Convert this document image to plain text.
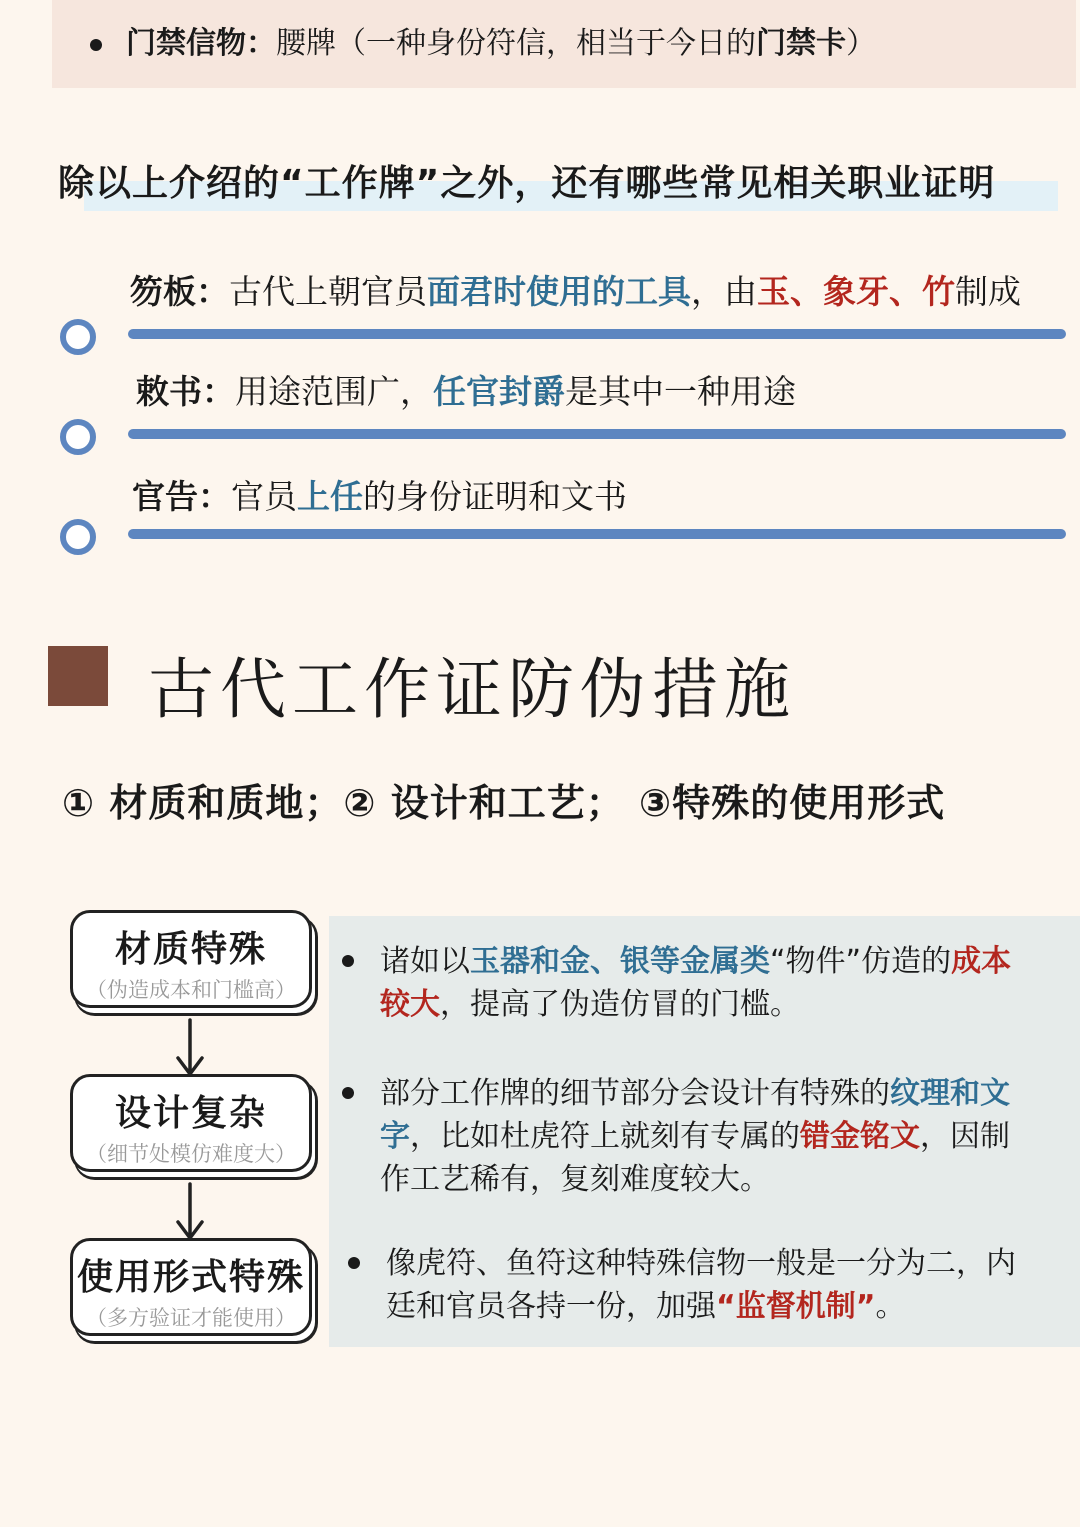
门禁信物：腰牌（一种身份符信，相当于今日的门禁卡）
除以上介绍的“工作牌”之外，还有哪些常见相关职业证明
笏板：古代上朝官员面君时使用的工具，由玉、象牙、竹制成
敕书：用途范围广，任官封爵是其中一种用途
官告：官员上任的身份证明和文书
古代工作证防伪措施
① 材质和质地；② 设计和工艺； ③特殊的使用形式
材质特殊
（伪造成本和门槛高）
设计复杂
（细节处模仿难度大）
使用形式特殊
（多方验证才能使用）
诸如以玉器和金、银等金属类“物件”仿造的成本
较大，提高了伪造仿冒的门槛。
部分工作牌的细节部分会设计有特殊的纹理和文
字，比如杜虎符上就刻有专属的错金铭文，因制
作工艺稀有，复刻难度较大。
像虎符、鱼符这种特殊信物一般是一分为二，内
廷和官员各持一份，加强“监督机制”。
